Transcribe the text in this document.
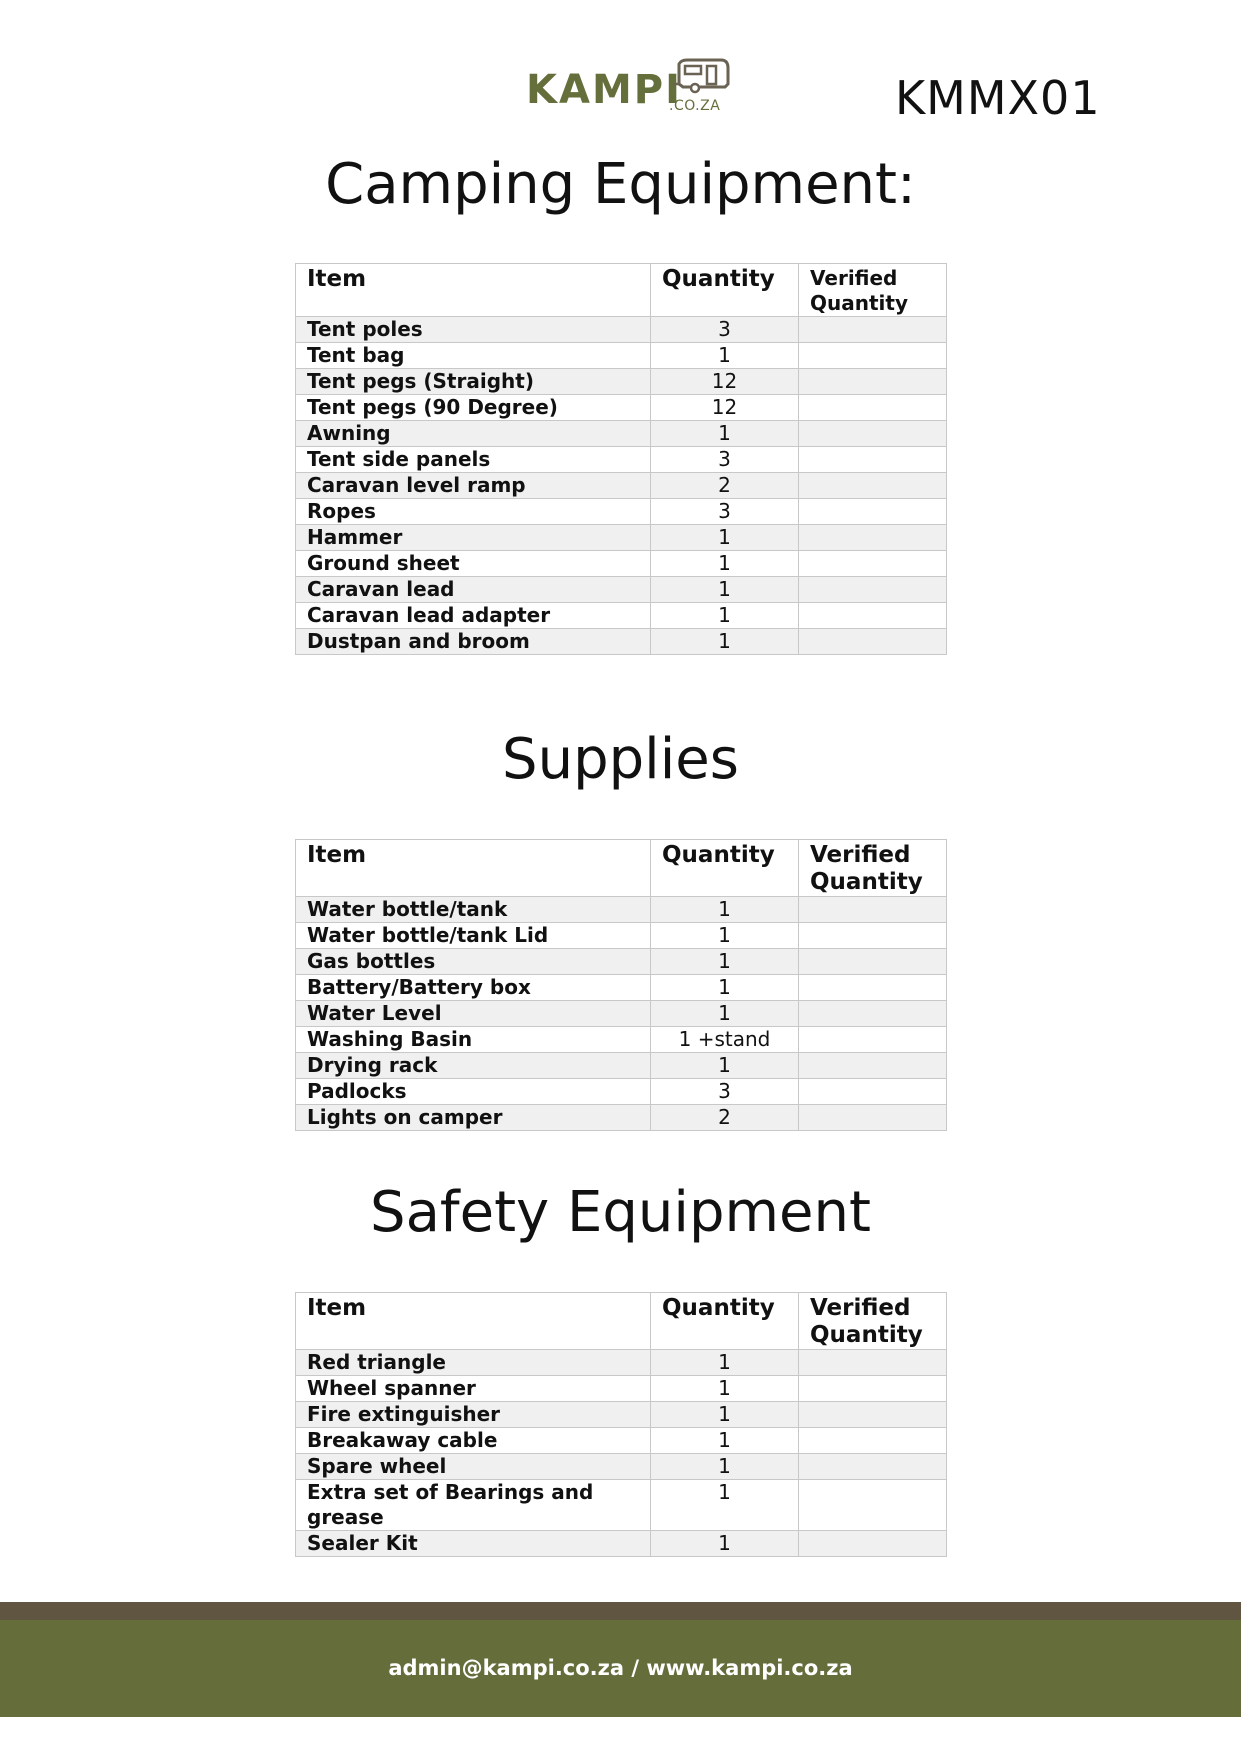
KAMPI
.CO.ZA	KMMX01
Camping Equipment:
Item	Quantity	Verified Quantity
Tent poles	3	
Tent bag	1	
Tent pegs (Straight)	12	
Tent pegs (90 Degree)	12	
Awning	1	
Tent side panels	3	
Caravan level ramp	2	
Ropes	3	
Hammer	1	
Ground sheet	1	
Caravan lead	1	
Caravan lead adapter	1	
Dustpan and broom	1	
Supplies
Item	Quantity	Verified Quantity
Water bottle/tank	1	
Water bottle/tank Lid	1	
Gas bottles	1	
Battery/Battery box	1	
Water Level	1	
Washing Basin	1 +stand	
Drying rack	1	
Padlocks	3	
Lights on camper	2	
Safety Equipment
Item	Quantity	Verified Quantity
Red triangle	1	
Wheel spanner	1	
Fire extinguisher	1	
Breakaway cable	1	
Spare wheel	1	
Extra set of Bearings and grease	1	
Sealer Kit	1	
admin@kampi.co.za / www.kampi.co.za
